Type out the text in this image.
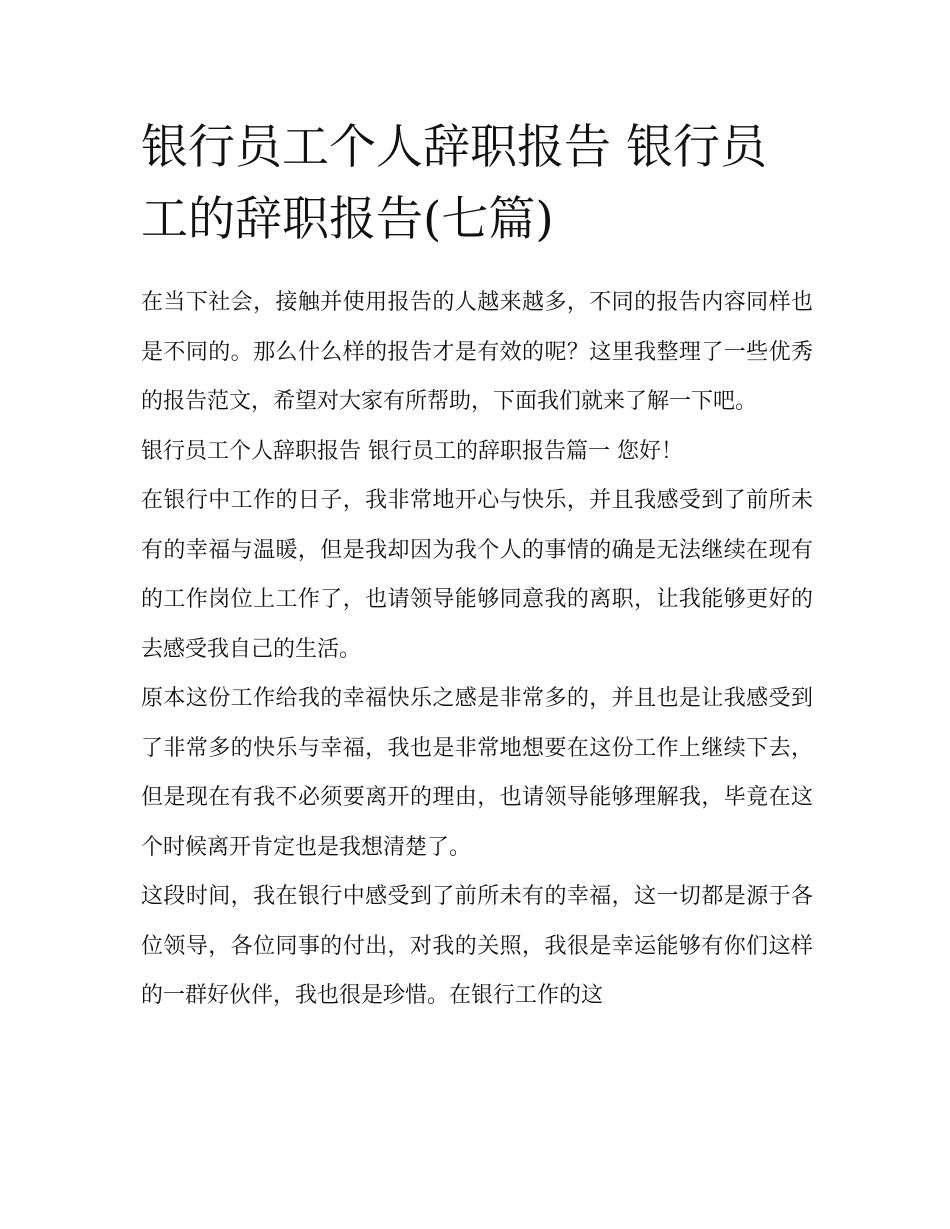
银行员工个人辞职报告 银行员工的辞职报告(七篇)

在当下社会，接触并使用报告的人越来越多，不同的报告内容同样也是不同的。那么什么样的报告才是有效的呢？这里我整理了一些优秀的报告范文，希望对大家有所帮助，下面我们就来了解一下吧。

银行员工个人辞职报告 银行员工的辞职报告篇一 您好！

在银行中工作的日子，我非常地开心与快乐，并且我感受到了前所未有的幸福与温暖，但是我却因为我个人的事情的确是无法继续在现有的工作岗位上工作了，也请领导能够同意我的离职，让我能够更好的去感受我自己的生活。

原本这份工作给我的幸福快乐之感是非常多的，并且也是让我感受到了非常多的快乐与幸福，我也是非常地想要在这份工作上继续下去，但是现在有我不必须要离开的理由，也请领导能够理解我，毕竟在这个时候离开肯定也是我想清楚了。

这段时间，我在银行中感受到了前所未有的幸福，这一切都是源于各位领导，各位同事的付出，对我的关照，我很是幸运能够有你们这样的一群好伙伴，我也很是珍惜。在银行工作的这
